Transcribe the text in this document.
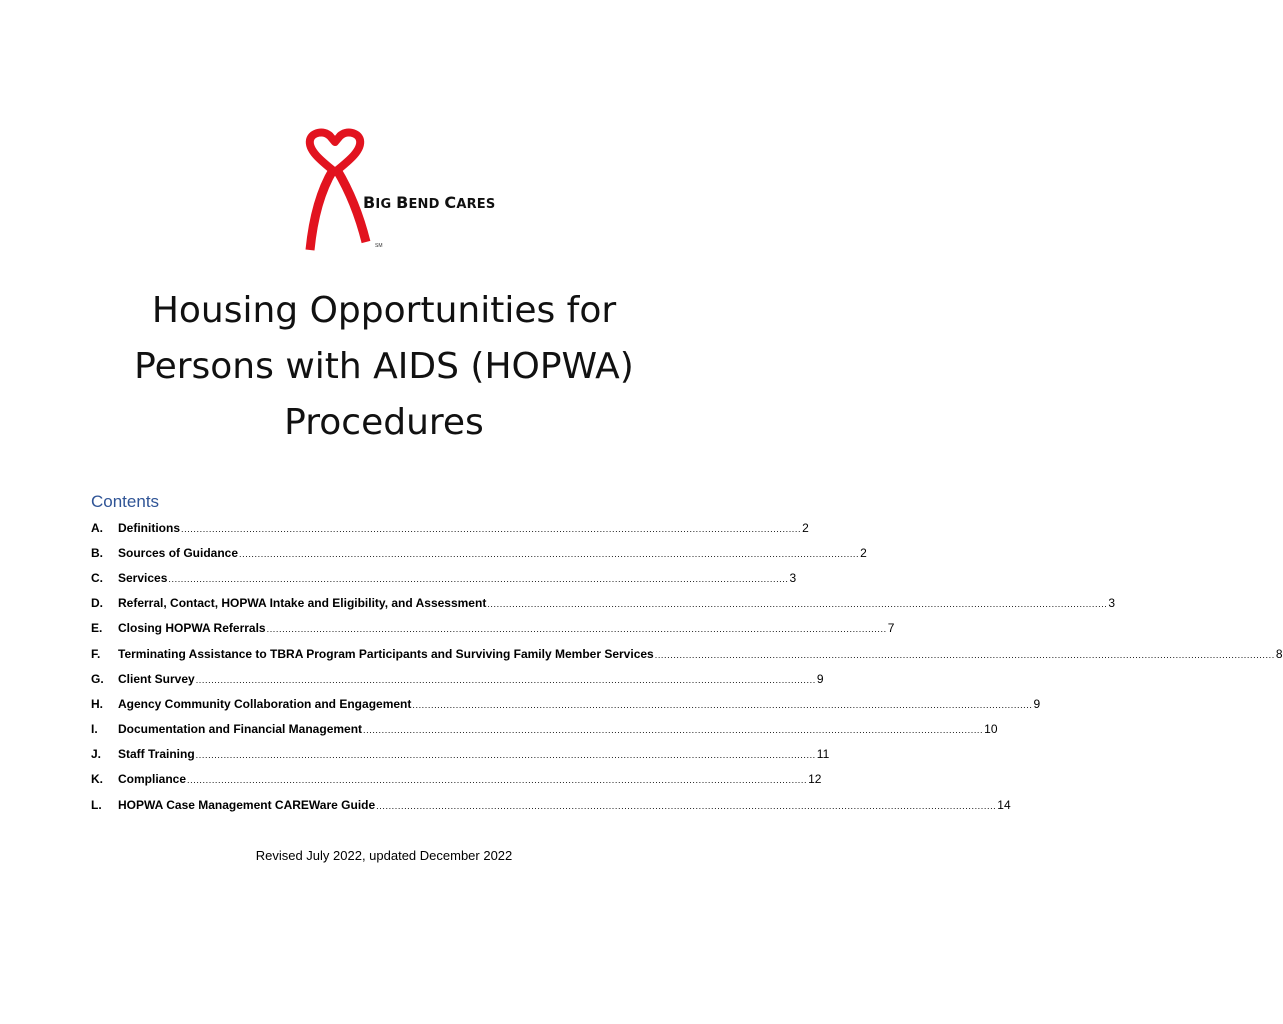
BIG BEND CARES
SM
Housing Opportunities for
Persons with AIDS (HOPWA)
Procedures
Contents
A.	Definitions ........................................................................................................................................................................................................ 2
B.	Sources of Guidance ........................................................................................................................................................................................................ 2
C.	Services ........................................................................................................................................................................................................ 3
D.	Referral, Contact, HOPWA Intake and Eligibility, and Assessment ........................................................................................................................................................................................................ 3
E.	Closing HOPWA Referrals ........................................................................................................................................................................................................ 7
F.	Terminating Assistance to TBRA Program Participants and Surviving Family Member Services ........................................................................................................................................................................................................ 8
G.	Client Survey ........................................................................................................................................................................................................ 9
H.	Agency Community Collaboration and Engagement ........................................................................................................................................................................................................ 9
I.	Documentation and Financial Management ........................................................................................................................................................................................................ 10
J.	Staff Training ........................................................................................................................................................................................................ 11
K.	Compliance ........................................................................................................................................................................................................ 12
L.	HOPWA Case Management CAREWare Guide ........................................................................................................................................................................................................ 14
Revised July 2022, updated December 2022
